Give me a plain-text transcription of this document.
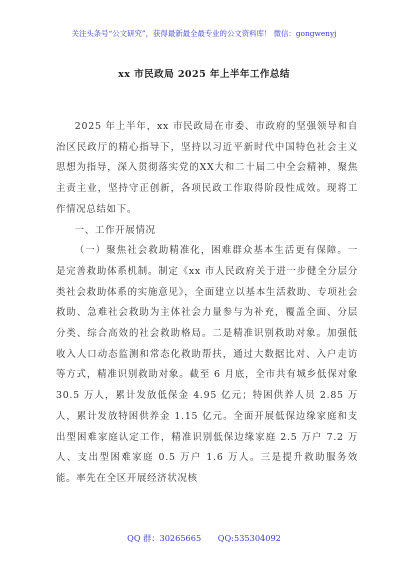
关注头条号“公文研究”，获得最新最全最专业的公文资料库！ 微信：gongwenyj
xx 市民政局 2025 年上半年工作总结

2025 年上半年，xx 市民政局在市委、市政府的坚强领导和自治区民政厅的精心指导下，坚持以习近平新时代中国特色社会主义思想为指导，深入贯彻落实党的XX大和二十届二中全会精神，聚焦主责主业，坚持守正创新，各项民政工作取得阶段性成效。现将工作情况总结如下。

一、工作开展情况

（一）聚焦社会救助精准化，困难群众基本生活更有保障。一是完善救助体系机制。制定《xx 市人民政府关于进一步健全分层分类社会救助体系的实施意见》，全面建立以基本生活救助、专项社会救助、急难社会救助为主体社会力量参与为补充，覆盖全面、分层分类、综合高效的社会救助格局。二是精准识别救助对象。加强低收入人口动态监测和常态化救助帮扶，通过大数据比对、入户走访等方式，精准识别救助对象。截至 6 月底，全市共有城乡低保对象 30.5 万人，累计发放低保金 4.95 亿元；特困供养人员 2.85 万人，累计发放特困供养金 1.15 亿元。全面开展低保边缘家庭和支出型困难家庭认定工作，精准识别低保边缘家庭 2.5 万户 7.2 万人、支出型困难家庭 0.5 万户 1.6 万人。三是提升救助服务效能。率先在全区开展经济状况核

QQ 群：30265665 QQ:535304092
